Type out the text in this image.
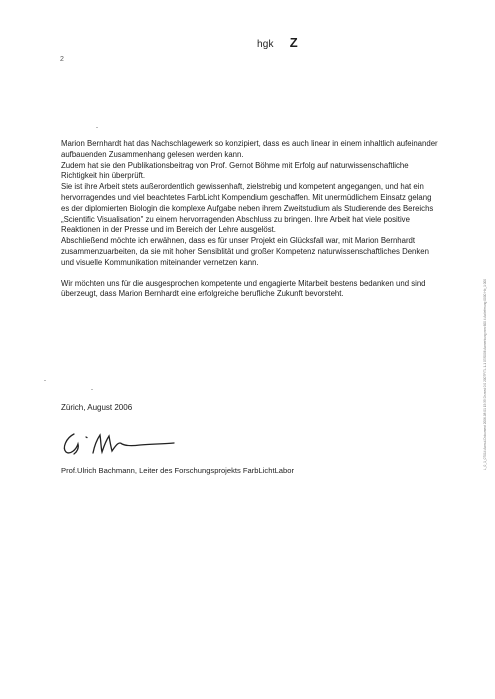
hgk Z
2

Marion Bernhardt hat das Nachschlagewerk so konzipiert, dass es auch linear in einem inhaltlich aufeinander aufbauenden Zusammenhang gelesen werden kann.

Zudem hat sie den Publikationsbeitrag von Prof. Gernot Böhme mit Erfolg auf naturwissenschaftliche Richtigkeit hin überprüft.

Sie ist ihre Arbeit stets außerordentlich gewissenhaft, zielstrebig und kompetent angegangen, und hat ein hervorragendes und viel beachtetes FarbLicht Kompendium geschaffen. Mit unermüdlichem Einsatz gelang es der diplomierten Biologin die komplexe Aufgabe neben ihrem Zweitstudium als Studierende des Bereichs „Scientific Visualisation" zu einem hervorragenden Abschluss zu bringen. Ihre Arbeit hat viele positive Reaktionen in der Presse und im Bereich der Lehre ausgelöst.

Abschließend möchte ich erwähnen, dass es für unser Projekt ein Glücksfall war, mit Marion Bernhardt zusammenzuarbeiten, da sie mit hoher Sensiblität und großer Kompetenz naturwissenschaftliches Denken und visuelle Kommunikation miteinander vernetzen kann.

Wir möchten uns für die ausgesprochen kompetente und engagierte Mitarbeit bestens bedanken und sind überzeugt, dass Marion Bernhardt eine erfolgreiche berufliche Zukunft bevorsteht.

Zürich, August 2006
Prof.Ulrich Bachmann, Leiter des Forschungsprojekts FarbLichtLabor
L_0_1_07014 Anm.d.Dokument 2006-08 01 15:35 Dr.med 0 0 2007F/TL 1-1 07/0006 Anmerkung mm 600 4 Anlieferung 0000 Hb_1 000
